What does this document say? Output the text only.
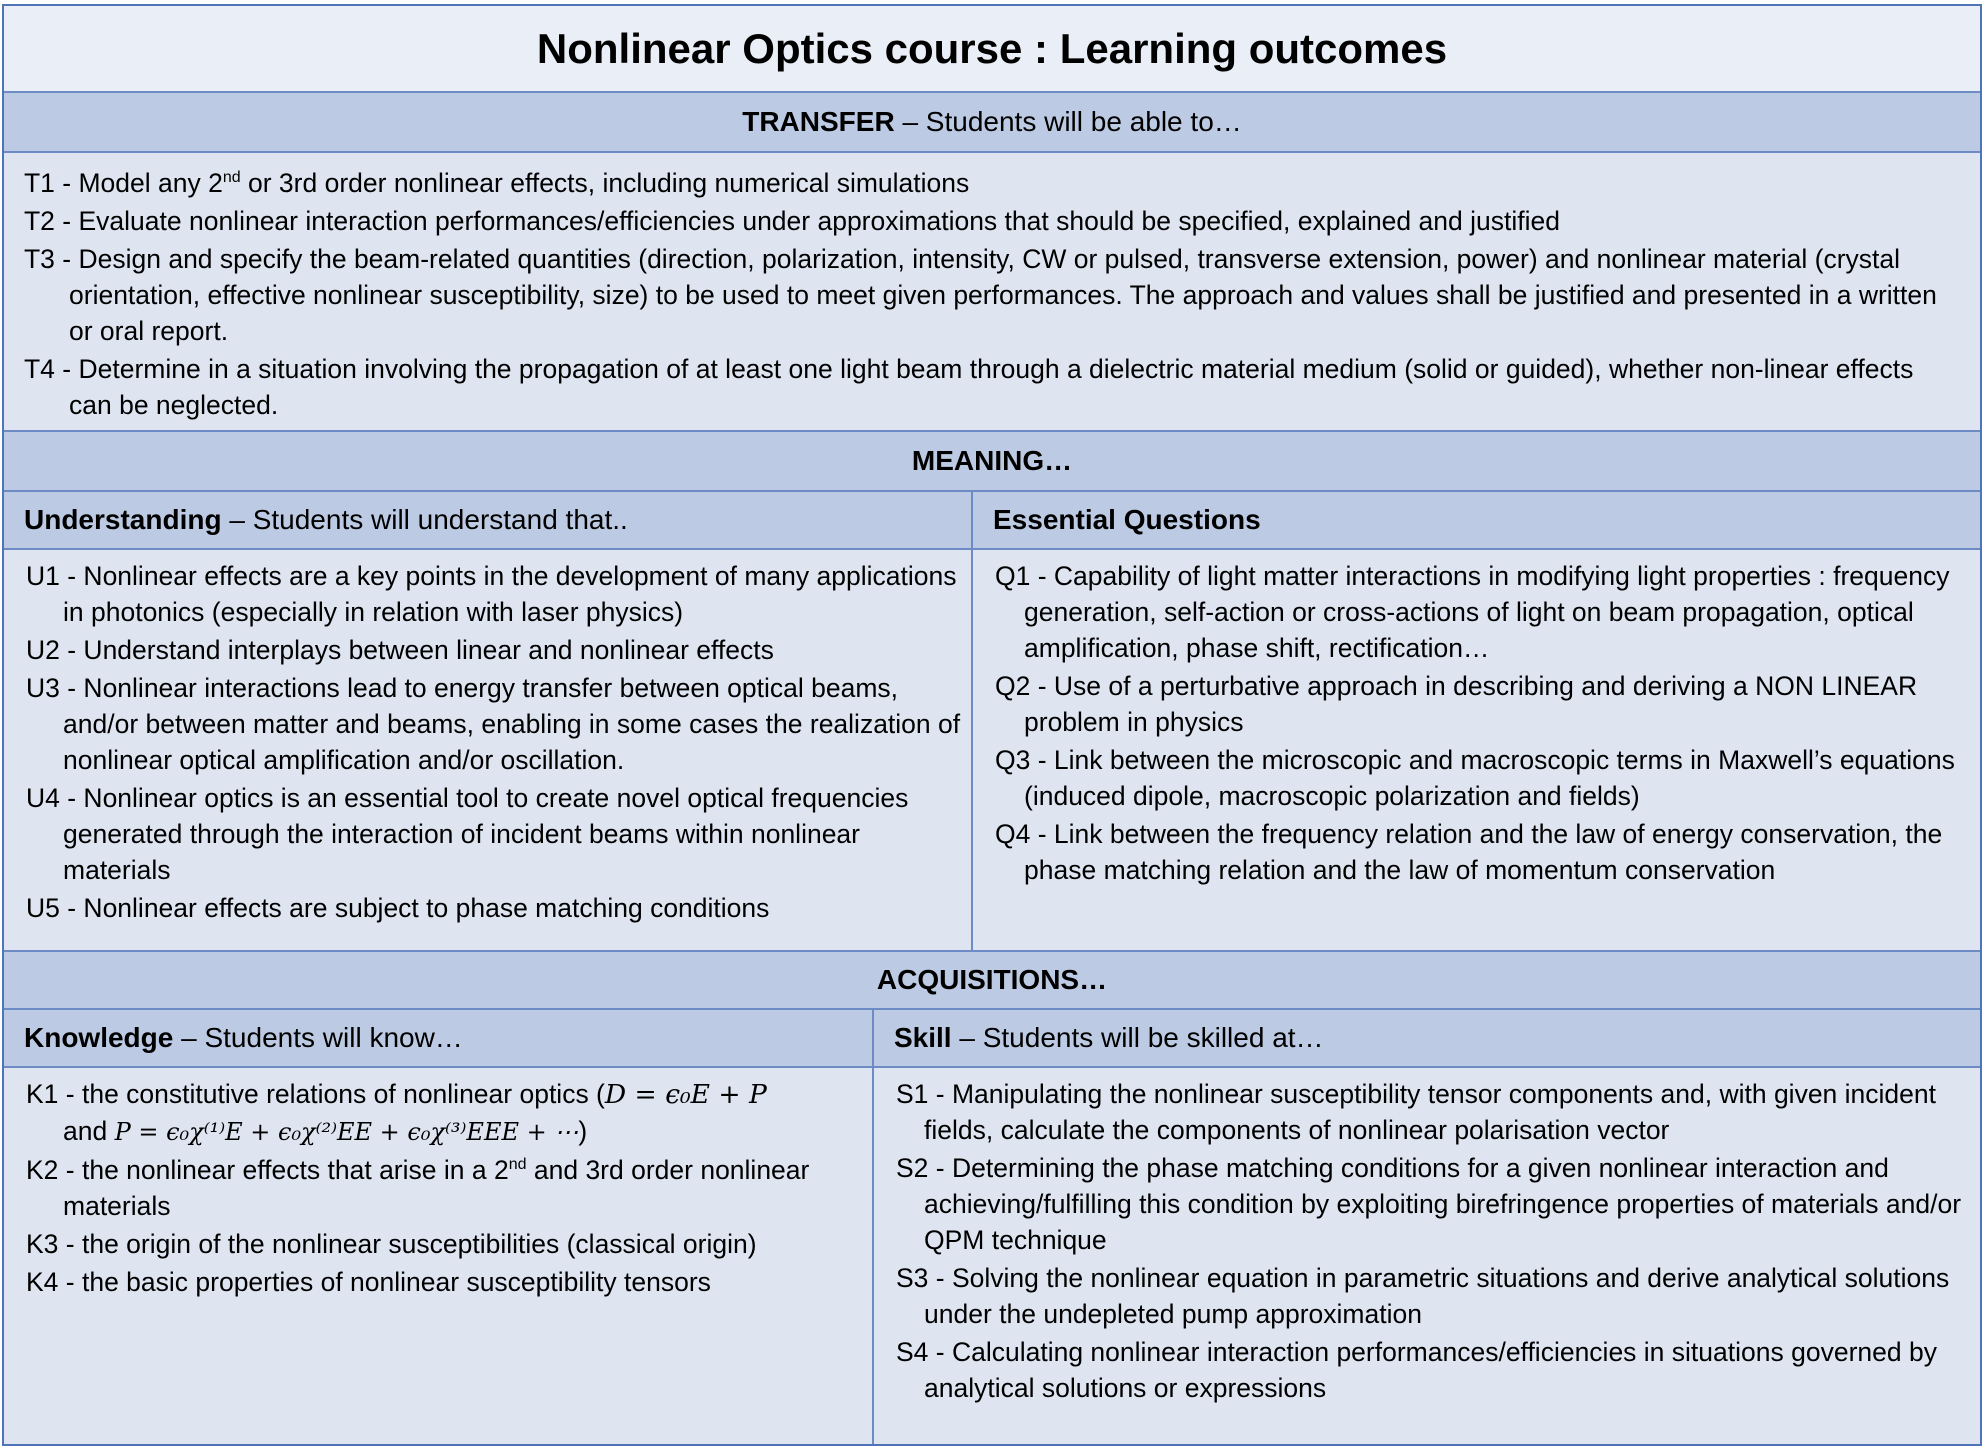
Nonlinear Optics course : Learning outcomes
TRANSFER – Students will be able to…
T1 - Model any 2nd or 3rd order nonlinear effects, including numerical simulations
T2 - Evaluate nonlinear interaction performances/efficiencies under approximations that should be specified, explained and justified
T3 - Design and specify the beam-related quantities (direction, polarization, intensity, CW or pulsed, transverse extension, power) and nonlinear material (crystal orientation, effective nonlinear susceptibility, size) to be used to meet given performances. The approach and values shall be justified and presented in a written or oral report.
T4 - Determine in a situation involving the propagation of at least one light beam through a dielectric material medium (solid or guided), whether non-linear effects can be neglected.
MEANING…
Understanding – Students will understand that..
U1 - Nonlinear effects are a key points in the development of many applications in photonics (especially in relation with laser physics)
U2 - Understand interplays between linear and nonlinear effects
U3 - Nonlinear interactions lead to energy transfer between optical beams, and/or between matter and beams, enabling in some cases the realization of nonlinear optical amplification and/or oscillation.
U4 - Nonlinear optics is an essential tool to create novel optical frequencies generated through the interaction of incident beams within nonlinear materials
U5 - Nonlinear effects are subject to phase matching conditions
Essential Questions
Q1 - Capability of light matter interactions in modifying light properties : frequency generation, self-action or cross-actions of light on beam propagation, optical amplification, phase shift, rectification…
Q2 - Use of a perturbative approach in describing and deriving a NON LINEAR problem in physics
Q3 - Link between the microscopic and macroscopic terms in Maxwell’s equations (induced dipole, macroscopic polarization and fields)
Q4 - Link between the frequency relation and the law of energy conservation, the phase matching relation and the law of momentum conservation
ACQUISITIONS…
Knowledge – Students will know…
K1 - the constitutive relations of nonlinear optics (D = ϵ₀E + P
and P = ϵ₀χ⁽¹⁾E + ϵ₀χ⁽²⁾EE + ϵ₀χ⁽³⁾EEE + ⋯)
K2 - the nonlinear effects that arise in a 2nd and 3rd order nonlinear materials
K3 - the origin of the nonlinear susceptibilities (classical origin)
K4 - the basic properties of nonlinear susceptibility tensors
Skill – Students will be skilled at…
S1 - Manipulating the nonlinear susceptibility tensor components and, with given incident fields, calculate the components of nonlinear polarisation vector
S2 - Determining the phase matching conditions for a given nonlinear interaction and achieving/fulfilling this condition by exploiting birefringence properties of materials and/or QPM technique
S3 - Solving the nonlinear equation in parametric situations and derive analytical solutions under the undepleted pump approximation
S4 - Calculating nonlinear interaction performances/efficiencies in situations governed by analytical solutions or expressions
